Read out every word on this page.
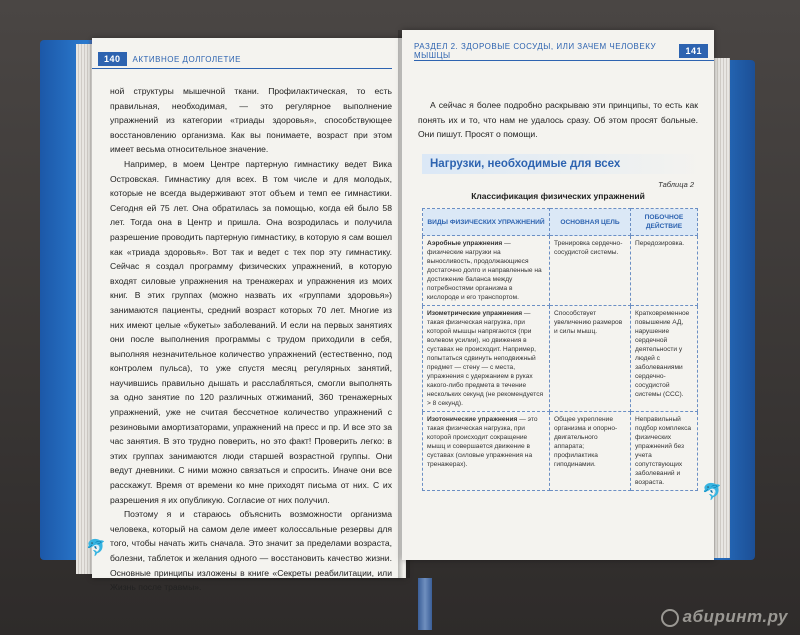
140	АКТИВНОЕ ДОЛГОЛЕТИЕ

ной структуры мышечной ткани. Профилактическая, то есть правильная, необходимая, — это регулярное выполнение упражнений из категории «триады здоровья», способствующее восстановлению организма. Как вы понимаете, возраст при этом имеет весьма относительное значение.

Например, в моем Центре партерную гимнастику ведет Вика Островская. Гимнастику для всех. В том числе и для молодых, которые не всегда выдерживают этот объем и темп ее гимнастики. Сегодня ей 75 лет. Она обратилась за помощью, когда ей было 58 лет. Тогда она в Центр и пришла. Она возродилась и получила разрешение проводить партерную гимнастику, в которую я сам вошел как «триада здоровья». Вот так и ведет с тех пор эту гимнастику. Сейчас я создал программу физических упражнений, в которую входят силовые упражнения на тренажерах и упражнения из моих книг. В этих группах (можно назвать их «группами здоровья») занимаются пациенты, средний возраст которых 70 лет. Многие из них имеют целые «букеты» заболеваний. И если на первых занятиях они после выполнения программы с трудом приходили в себя, выполняя незначительное количество упражнений (естественно, под контролем пульса), то уже спустя месяц регулярных занятий, научившись правильно дышать и расслабляться, смогли выполнять за одно занятие по 120 различных отжиманий, 360 тренажерных упражнений, уже не считая бессчетное количество упражнений с резиновыми амортизаторами, упражнений на пресс и пр. И все это за час занятия. В это трудно поверить, но это факт! Проверить легко: в этих группах занимаются люди старшей возрастной группы. Они ведут дневники. С ними можно связаться и спросить. Иначе они все расскажут. Время от времени ко мне приходят письма от них. С их разрешения я их опубликую. Согласие от них получил.

Поэтому я и стараюсь объяснить возможности организма человека, который на самом деле имеет колоссальные резервы для того, чтобы начать жить сначала. Это значит за пределами возраста, болезни, таблеток и желания одного — восстановить качество жизни. Основные принципы изложены в книге «Секреты реабилитации, или Жизнь после травмы».

🐬
РАЗДЕЛ 2. ЗДОРОВЫЕ СОСУДЫ, ИЛИ ЗАЧЕМ ЧЕЛОВЕКУ МЫШЦЫ	141

А сейчас я более подробно раскрываю эти принципы, то есть как понять их и то, что нам не удалось сразу. Об этом просят больные. Они пишут. Просят о помощи.

Нагрузки, необходимые для всех
Таблица 2
Классификация физических упражнений
ВИДЫ ФИЗИЧЕСКИХ УПРАЖНЕНИЙ	ОСНОВНАЯ ЦЕЛЬ	ПОБОЧНОЕ ДЕЙСТВИЕ
Аэробные упражнения — физические нагрузки на выносливость, продолжающиеся достаточно долго и направленные на достижение баланса между потребностями организма в кислороде и его транспортом.	Тренировка сердечно-сосудистой системы.	Передозировка.
Изометрические упражнения — такая физическая нагрузка, при которой мышцы напрягаются (при волевом усилии), но движения в суставах не происходит. Например, попытаться сдвинуть неподвижный предмет — стену — с места, упражнения с удержанием в руках какого-либо предмета в течение нескольких секунд (не рекомендуется > 8 секунд).	Способствует увеличению размеров и силы мышц.	Кратковременное повышение АД, нарушение сердечной деятельности у людей с заболеваниями сердечно-сосудистой системы (ССС).
Изотонические упражнения — это такая физическая нагрузка, при которой происходит сокращение мышц и совершается движение в суставах (силовые упражнения на тренажерах).	Общее укрепление организма и опорно-двигательного аппарата; профилактика гиподинамии.	Неправильный подбор комплекса физических упражнений без учета сопутствующих заболеваний и возраста.
🐬
абиринт.ру
